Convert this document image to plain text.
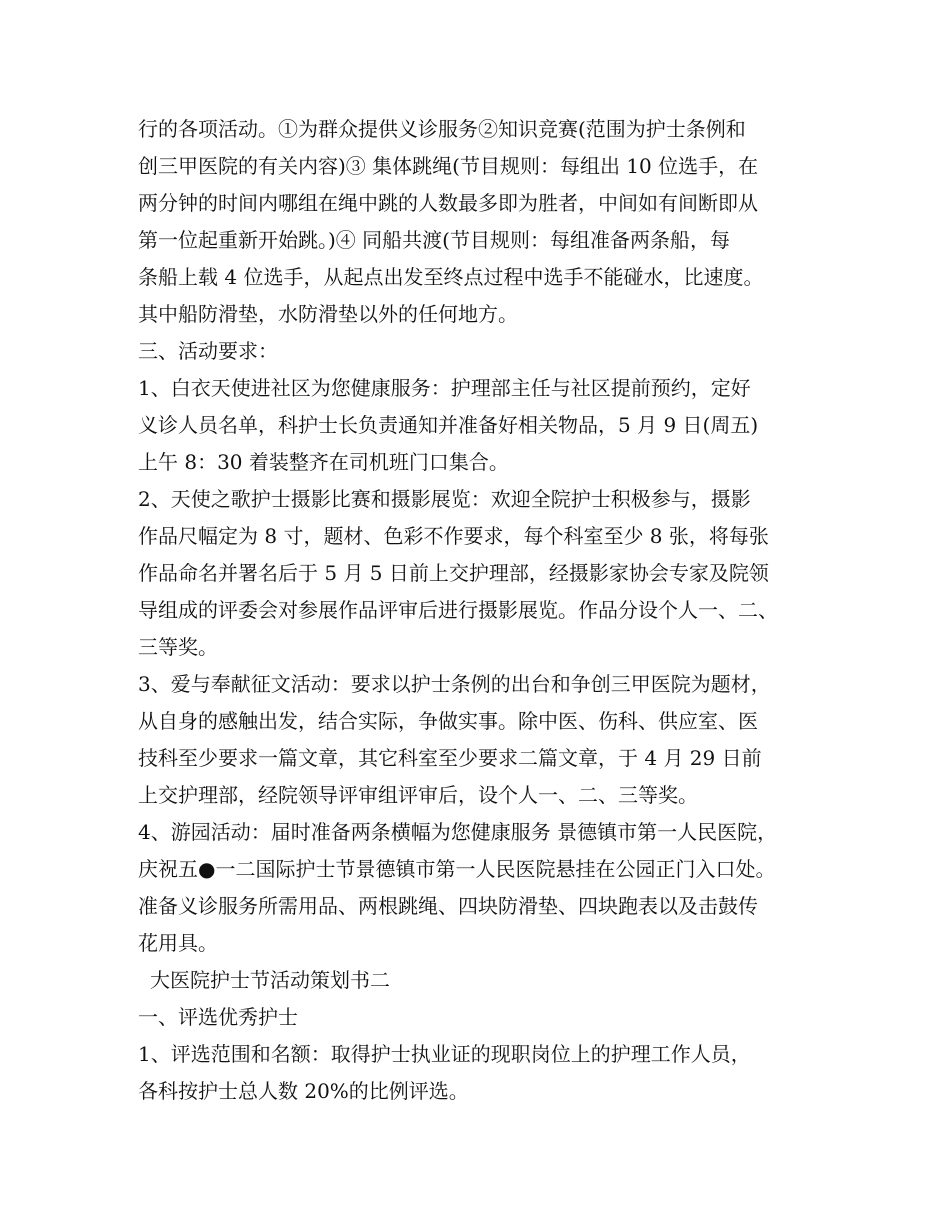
行的各项活动。①为群众提供义诊服务②知识竞赛(范围为护士条例和
创三甲医院的有关内容)③ 集体跳绳(节目规则：每组出 10 位选手，在
两分钟的时间内哪组在绳中跳的人数最多即为胜者，中间如有间断即从
第一位起重新开始跳。)④ 同船共渡(节目规则：每组准备两条船，每
条船上载 4 位选手，从起点出发至终点过程中选手不能碰水，比速度。
其中船防滑垫，水防滑垫以外的任何地方。
三、活动要求：
1、白衣天使进社区为您健康服务：护理部主任与社区提前预约，定好
义诊人员名单，科护士长负责通知并准备好相关物品，5 月 9 日(周五)
上午 8：30 着装整齐在司机班门口集合。
2、天使之歌护士摄影比赛和摄影展览：欢迎全院护士积极参与，摄影
作品尺幅定为 8 寸，题材、色彩不作要求，每个科室至少 8 张，将每张
作品命名并署名后于 5 月 5 日前上交护理部，经摄影家协会专家及院领
导组成的评委会对参展作品评审后进行摄影展览。作品分设个人一、二、
三等奖。
3、爱与奉献征文活动：要求以护士条例的出台和争创三甲医院为题材，
从自身的感触出发，结合实际，争做实事。除中医、伤科、供应室、医
技科至少要求一篇文章，其它科室至少要求二篇文章，于 4 月 29 日前
上交护理部，经院领导评审组评审后，设个人一、二、三等奖。
4、游园活动：届时准备两条横幅为您健康服务 景德镇市第一人民医院，
庆祝五●一二国际护士节景德镇市第一人民医院悬挂在公园正门入口处。
准备义诊服务所需用品、两根跳绳、四块防滑垫、四块跑表以及击鼓传
花用具。
大医院护士节活动策划书二
一、评选优秀护士
1、评选范围和名额：取得护士执业证的现职岗位上的护理工作人员，
各科按护士总人数 20%的比例评选。
